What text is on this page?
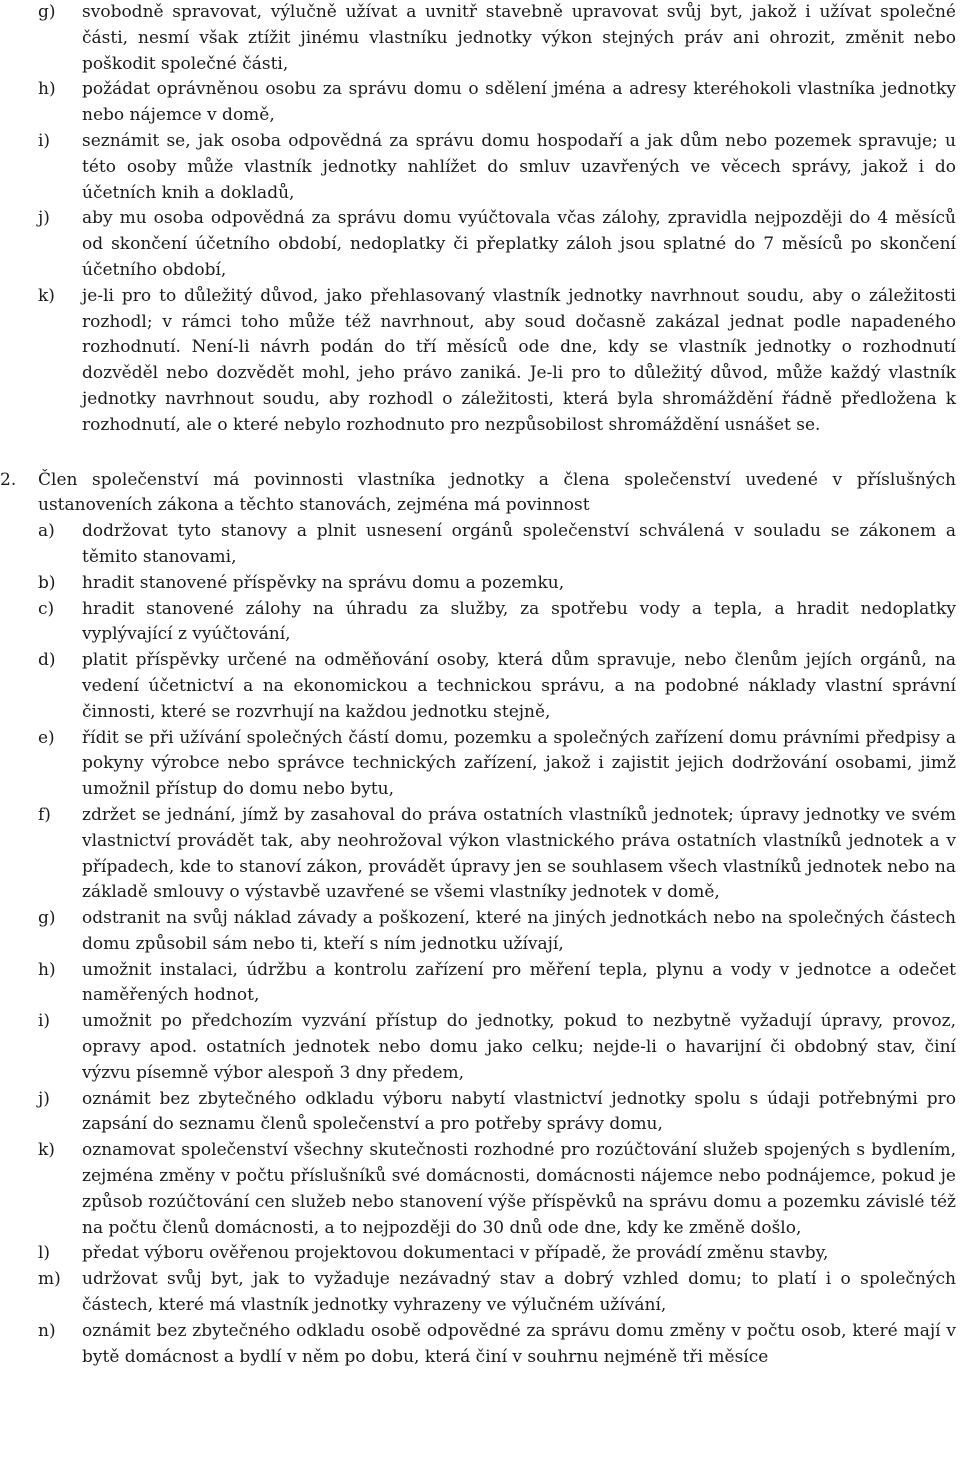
g)	svobodně spravovat, výlučně užívat a uvnitř stavebně upravovat svůj byt, jakož i užívat společné části, nesmí však ztížit jinému vlastníku jednotky výkon stejných práv ani ohrozit, změnit nebo poškodit společné části,
h)	požádat oprávněnou osobu za správu domu o sdělení jména a adresy kteréhokoli vlastníka jednotky nebo nájemce v domě,
i)	seznámit se, jak osoba odpovědná za správu domu hospodaří a jak dům nebo pozemek spravuje; u této osoby může vlastník jednotky nahlížet do smluv uzavřených ve věcech správy, jakož i do účetních knih a dokladů,
j)	aby mu osoba odpovědná za správu domu vyúčtovala včas zálohy, zpravidla nejpozději do 4 měsíců od skončení účetního období, nedoplatky či přeplatky záloh jsou splatné do 7 měsíců po skončení účetního období,
k)	je-li pro to důležitý důvod, jako přehlasovaný vlastník jednotky navrhnout soudu, aby o záležitosti rozhodl; v rámci toho může též navrhnout, aby soud dočasně zakázal jednat podle napadeného rozhodnutí. Není-li návrh podán do tří měsíců ode dne, kdy se vlastník jednotky o rozhodnutí dozvěděl nebo dozvědět mohl, jeho právo zaniká. Je-li pro to důležitý důvod, může každý vlastník jednotky navrhnout soudu, aby rozhodl o záležitosti, která byla shromáždění řádně předložena k rozhodnutí, ale o které nebylo rozhodnuto pro nezpůsobilost shromáždění usnášet se.
2.	Člen společenství má povinnosti vlastníka jednotky a člena společenství uvedené v příslušných ustanoveních zákona a těchto stanovách, zejména má povinnost
a)	dodržovat tyto stanovy a plnit usnesení orgánů společenství schválená v souladu se zákonem a těmito stanovami,
b)	hradit stanovené příspěvky na správu domu a pozemku,
c)	hradit stanovené zálohy na úhradu za služby, za spotřebu vody a tepla, a hradit nedoplatky vyplývající z vyúčtování,
d)	platit příspěvky určené na odměňování osoby, která dům spravuje, nebo členům jejích orgánů, na vedení účetnictví a na ekonomickou a technickou správu, a na podobné náklady vlastní správní činnosti, které se rozvrhují na každou jednotku stejně,
e)	řídit se při užívání společných částí domu, pozemku a společných zařízení domu právními předpisy a pokyny výrobce nebo správce technických zařízení, jakož i zajistit jejich dodržování osobami, jimž umožnil přístup do domu nebo bytu,
f)	zdržet se jednání, jímž by zasahoval do práva ostatních vlastníků jednotek; úpravy jednotky ve svém vlastnictví provádět tak, aby neohrožoval výkon vlastnického práva ostatních vlastníků jednotek a v případech, kde to stanoví zákon, provádět úpravy jen se souhlasem všech vlastníků jednotek nebo na základě smlouvy o výstavbě uzavřené se všemi vlastníky jednotek v domě,
g)	odstranit na svůj náklad závady a poškození, které na jiných jednotkách nebo na společných částech domu způsobil sám nebo ti, kteří s ním jednotku užívají,
h)	umožnit instalaci, údržbu a kontrolu zařízení pro měření tepla, plynu a vody v jednotce a odečet naměřených hodnot,
i)	umožnit po předchozím vyzvání přístup do jednotky, pokud to nezbytně vyžadují úpravy, provoz, opravy apod. ostatních jednotek nebo domu jako celku; nejde-li o havarijní či obdobný stav, činí výzvu písemně výbor alespoň 3 dny předem,
j)	oznámit bez zbytečného odkladu výboru nabytí vlastnictví jednotky spolu s údaji potřebnými pro zapsání do seznamu členů společenství a pro potřeby správy domu,
k)	oznamovat společenství všechny skutečnosti rozhodné pro rozúčtování služeb spojených s bydlením, zejména změny v počtu příslušníků své domácnosti, domácnosti nájemce nebo podnájemce, pokud je způsob rozúčtování cen služeb nebo stanovení výše příspěvků na správu domu a pozemku závislé též na počtu členů domácnosti, a to nejpozději do 30 dnů ode dne, kdy ke změně došlo,
l)	předat výboru ověřenou projektovou dokumentaci v případě, že provádí změnu stavby,
m)	udržovat svůj byt, jak to vyžaduje nezávadný stav a dobrý vzhled domu; to platí i o společných částech, které má vlastník jednotky vyhrazeny ve výlučném užívání,
n)	oznámit bez zbytečného odkladu osobě odpovědné za správu domu změny v počtu osob, které mají v bytě domácnost a bydlí v něm po dobu, která činí v souhrnu nejméně tři měsíce
